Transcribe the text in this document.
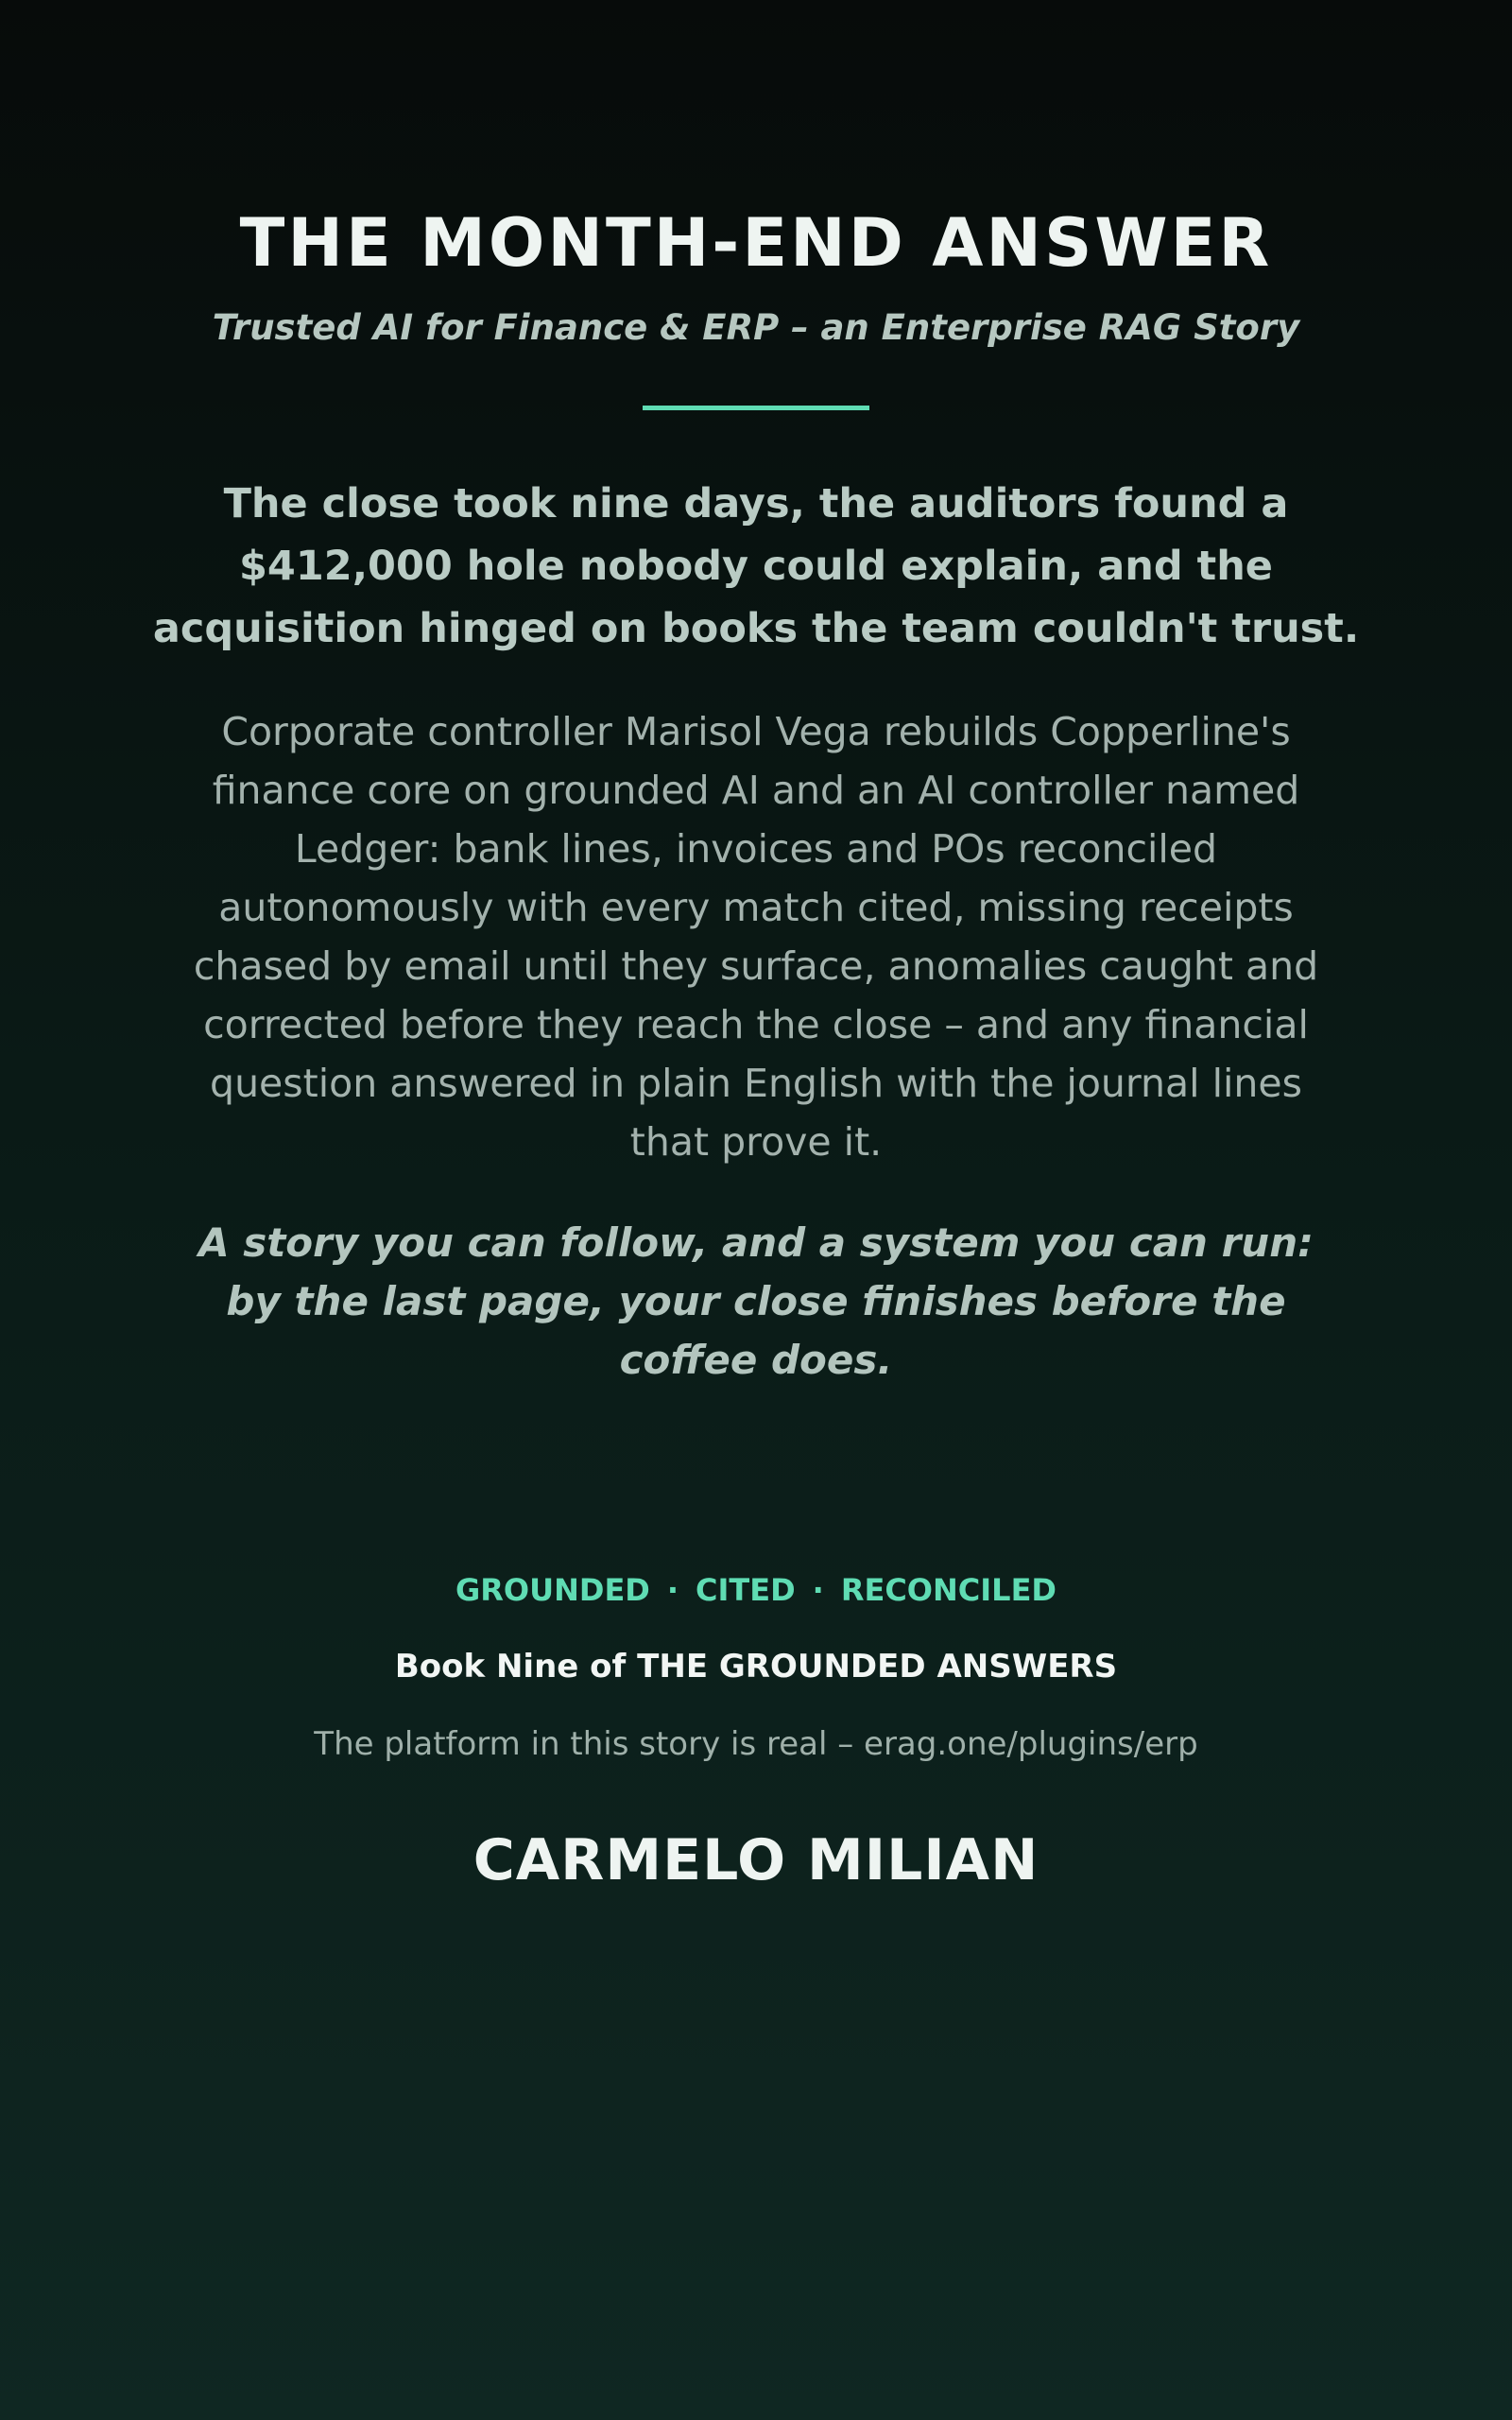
THE MONTH-END ANSWER

Trusted AI for Finance & ERP – an Enterprise RAG Story

The close took nine days, the auditors found a $412,000 hole nobody could explain, and the acquisition hinged on books the team couldn't trust.

Corporate controller Marisol Vega rebuilds Copperline's finance core on grounded AI and an AI controller named Ledger: bank lines, invoices and POs reconciled autonomously with every match cited, missing receipts chased by email until they surface, anomalies caught and corrected before they reach the close – and any financial question answered in plain English with the journal lines that prove it.

A story you can follow, and a system you can run: by the last page, your close finishes before the coffee does.

GROUNDED · CITED · RECONCILED

Book Nine of THE GROUNDED ANSWERS

The platform in this story is real – erag.one/plugins/erp

CARMELO MILIAN
